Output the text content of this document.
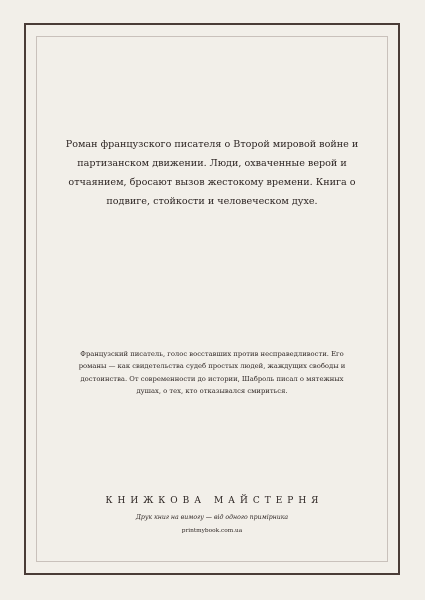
Роман французского писателя о Второй мировой войне и партизанском движении. Люди, охваченные верой и отчаянием, бросают вызов жестокому времени. Книга о подвиге, стойкости и человеческом духе.

Французский писатель, голос восставших против несправедливости. Его романы — как свидетельства судеб простых людей, жаждущих свободы и достоинства. От современности до истории, Шаброль писал о мятежных душах, о тех, кто отказывался смириться.

КНИЖКОВА МАЙСТЕРНЯ
Друк книг на вимогу — від одного примірника
printmybook.com.ua
